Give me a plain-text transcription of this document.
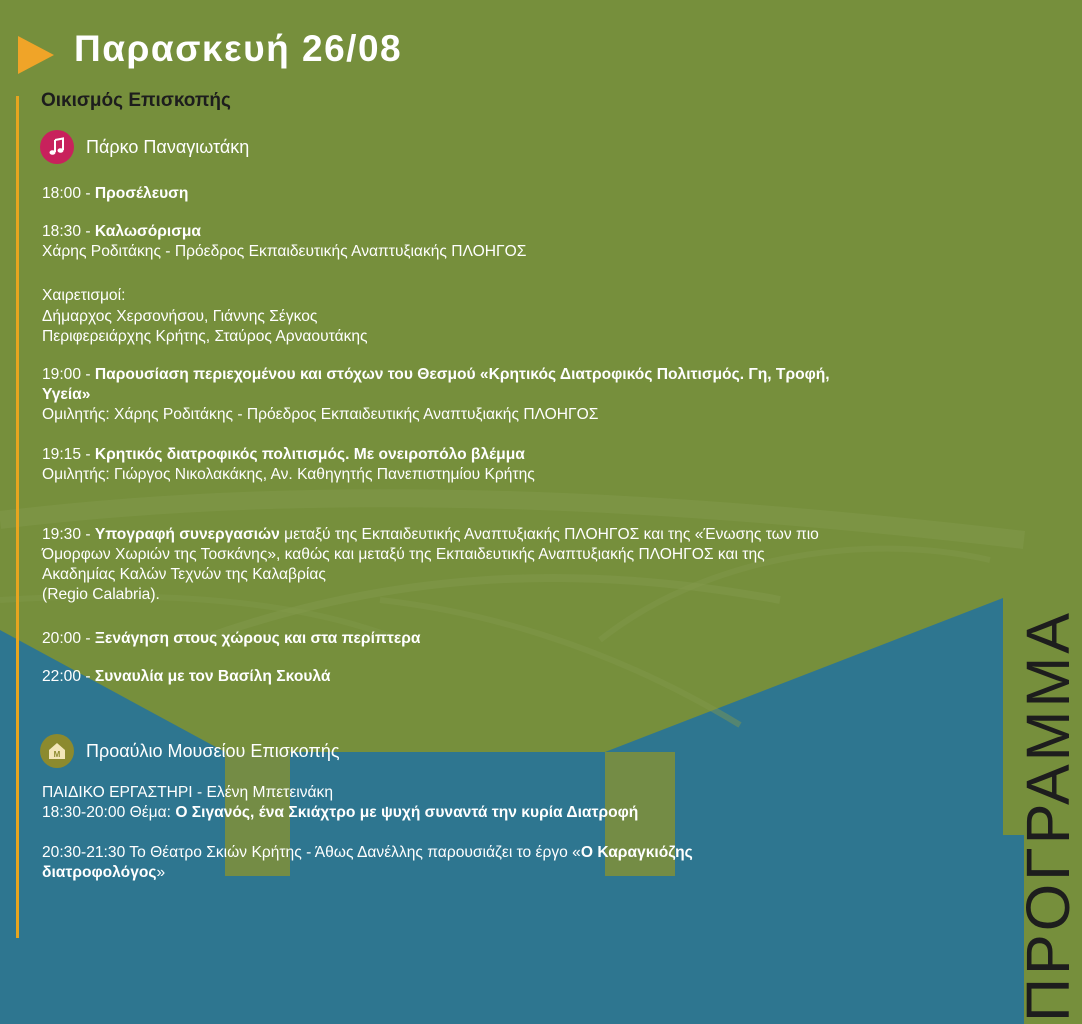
Παρασκευή 26/08
Οικισμός Επισκοπής
Πάρκο Παναγιωτάκη
18:00 - Προσέλευση
18:30 - Καλωσόρισμα
Χάρης Ροδιτάκης - Πρόεδρος Εκπαιδευτικής Αναπτυξιακής ΠΛΟΗΓΟΣ
Χαιρετισμοί:
Δήμαρχος Χερσονήσου, Γιάννης Σέγκος
Περιφερειάρχης Κρήτης, Σταύρος Αρναουτάκης
19:00 - Παρουσίαση περιεχομένου και στόχων του Θεσμού «Κρητικός Διατροφικός Πολιτισμός. Γη, Τροφή,
Υγεία»
Ομιλητής: Χάρης Ροδιτάκης - Πρόεδρος Εκπαιδευτικής Αναπτυξιακής ΠΛΟΗΓΟΣ
19:15 - Κρητικός διατροφικός πολιτισμός. Με ονειροπόλο βλέμμα
Ομιλητής: Γιώργος Νικολακάκης, Αν. Καθηγητής Πανεπιστημίου Κρήτης
19:30 - Υπογραφή συνεργασιών μεταξύ της Εκπαιδευτικής Αναπτυξιακής ΠΛΟΗΓΟΣ και της «Ένωσης των πιο
Όμορφων Χωριών της Τοσκάνης», καθώς και μεταξύ της Εκπαιδευτικής Αναπτυξιακής ΠΛΟΗΓΟΣ και της
Ακαδημίας Καλών Τεχνών της Καλαβρίας
(Regio Calabria).
20:00 - Ξενάγηση στους χώρους και στα περίπτερα
22:00 - Συναυλία με τον Βασίλη Σκουλά
M Προαύλιο Μουσείου Επισκοπής
ΠΑΙΔΙΚΟ ΕΡΓΑΣΤΗΡΙ - Ελένη Μπετεινάκη
18:30-20:00 Θέμα: Ο Σιγανός, ένα Σκιάχτρο με ψυχή συναντά την κυρία Διατροφή
20:30-21:30 Το Θέατρο Σκιών Κρήτης - Άθως Δανέλλης παρουσιάζει το έργο «Ο Καραγκιόζης
διατροφολόγος»	ΠΡΟΓΡΑΜΜΑ
